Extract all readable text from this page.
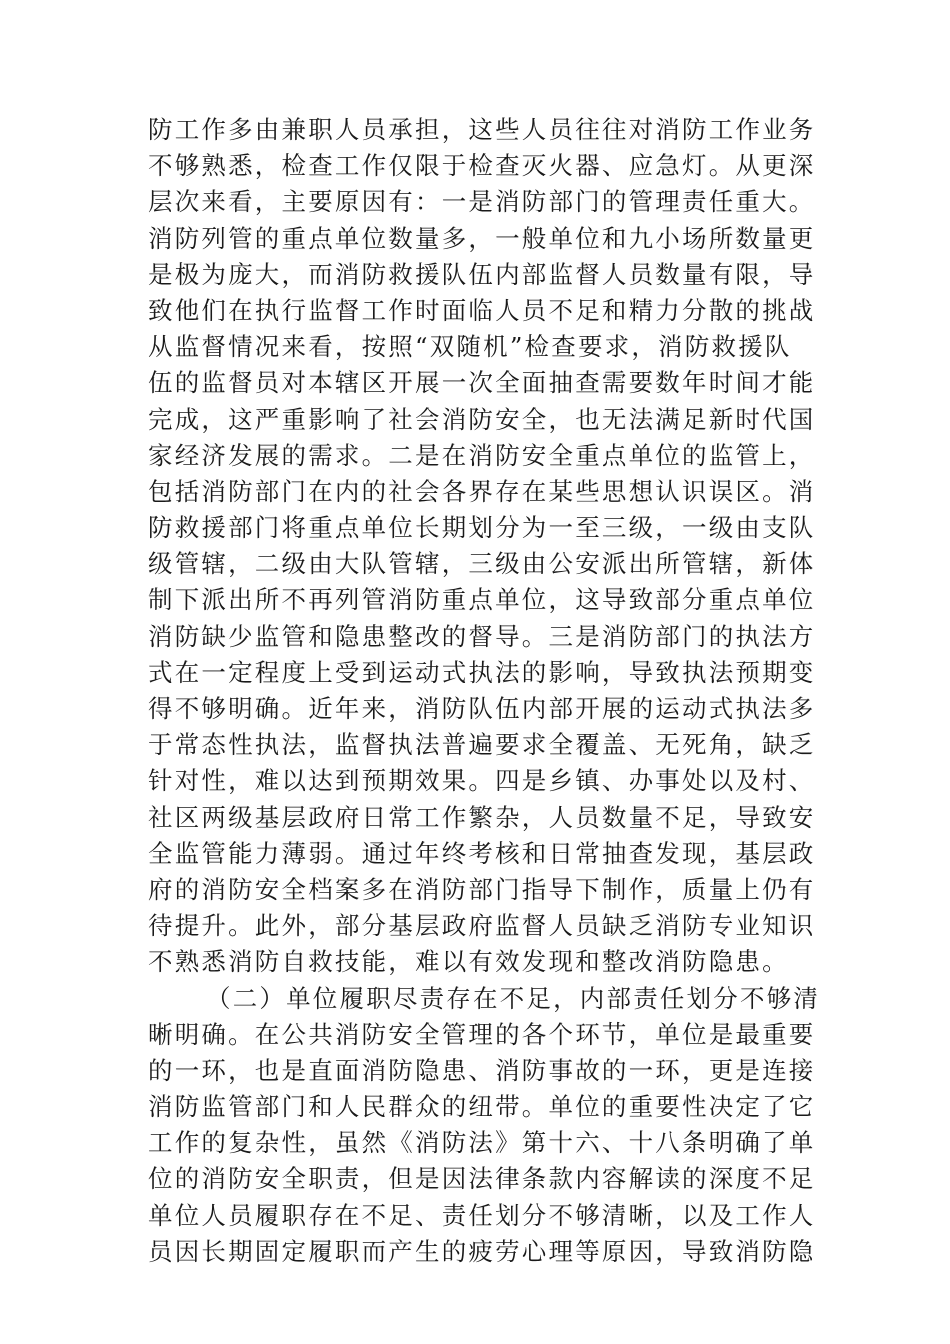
防工作多由兼职人员承担，这些人员往往对消防工作业务
不够熟悉，检查工作仅限于检查灭火器、应急灯。从更深
层次来看，主要原因有：一是消防部门的管理责任重大。
消防列管的重点单位数量多，一般单位和九小场所数量更
是极为庞大，而消防救援队伍内部监督人员数量有限，导
致他们在执行监督工作时面临人员不足和精力分散的挑战
从监督情况来看，按照“双随机”检查要求，消防救援队
伍的监督员对本辖区开展一次全面抽查需要数年时间才能
完成，这严重影响了社会消防安全，也无法满足新时代国
家经济发展的需求。二是在消防安全重点单位的监管上，
包括消防部门在内的社会各界存在某些思想认识误区。消
防救援部门将重点单位长期划分为一至三级，一级由支队
级管辖，二级由大队管辖，三级由公安派出所管辖，新体
制下派出所不再列管消防重点单位，这导致部分重点单位
消防缺少监管和隐患整改的督导。三是消防部门的执法方
式在一定程度上受到运动式执法的影响，导致执法预期变
得不够明确。近年来，消防队伍内部开展的运动式执法多
于常态性执法，监督执法普遍要求全覆盖、无死角，缺乏
针对性，难以达到预期效果。四是乡镇、办事处以及村、
社区两级基层政府日常工作繁杂，人员数量不足，导致安
全监管能力薄弱。通过年终考核和日常抽查发现，基层政
府的消防安全档案多在消防部门指导下制作，质量上仍有
待提升。此外，部分基层政府监督人员缺乏消防专业知识
不熟悉消防自救技能，难以有效发现和整改消防隐患。
（二）单位履职尽责存在不足，内部责任划分不够清
晰明确。在公共消防安全管理的各个环节，单位是最重要
的一环，也是直面消防隐患、消防事故的一环，更是连接
消防监管部门和人民群众的纽带。单位的重要性决定了它
工作的复杂性，虽然《消防法》第十六、十八条明确了单
位的消防安全职责，但是因法律条款内容解读的深度不足
单位人员履职存在不足、责任划分不够清晰，以及工作人
员因长期固定履职而产生的疲劳心理等原因，导致消防隐
